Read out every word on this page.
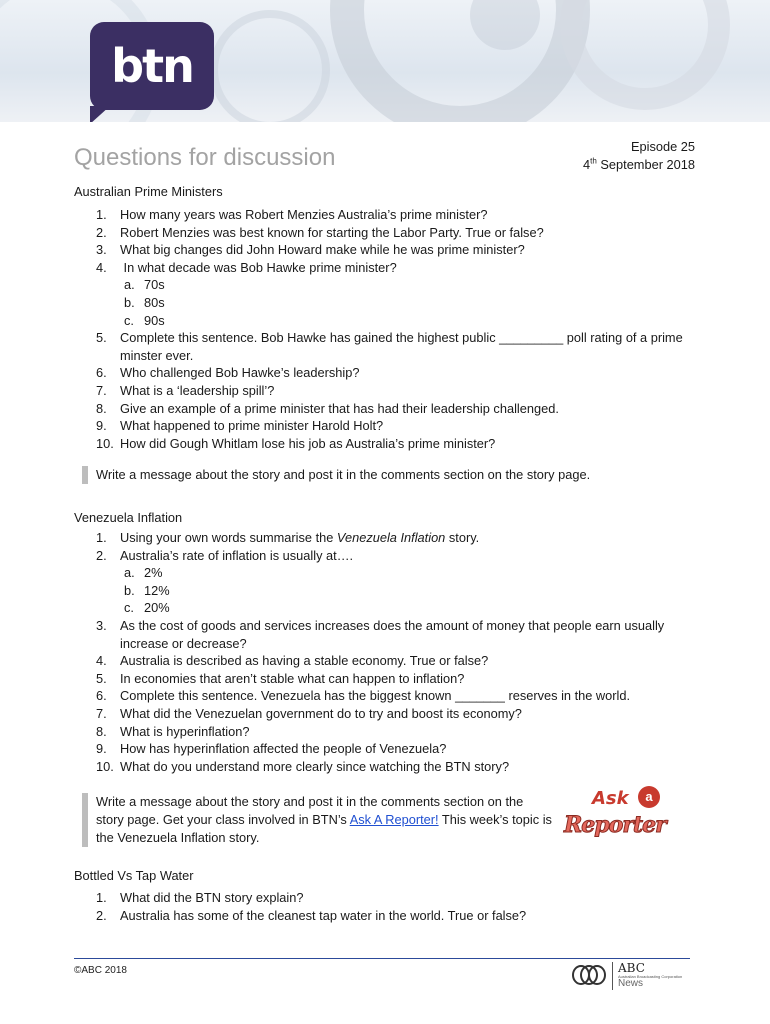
btn
Questions for discussion	Episode 25
4th September 2018
Australian Prime Ministers
1. How many years was Robert Menzies Australia’s prime minister?
2. Robert Menzies was best known for starting the Labor Party. True or false?
3. What big changes did John Howard make while he was prime minister?
4. In what decade was Bob Hawke prime minister?
a. 70s
b. 80s
c. 90s
5. Complete this sentence. Bob Hawke has gained the highest public _________ poll rating of a prime minster ever.
6. Who challenged Bob Hawke’s leadership?
7. What is a ‘leadership spill’?
8. Give an example of a prime minister that has had their leadership challenged.
9. What happened to prime minister Harold Holt?
10. How did Gough Whitlam lose his job as Australia’s prime minister?
Write a message about the story and post it in the comments section on the story page.
Venezuela Inflation
1. Using your own words summarise the Venezuela Inflation story.
2. Australia’s rate of inflation is usually at….
a. 2%
b. 12%
c. 20%
3. As the cost of goods and services increases does the amount of money that people earn usually increase or decrease?
4. Australia is described as having a stable economy. True or false?
5. In economies that aren’t stable what can happen to inflation?
6. Complete this sentence. Venezuela has the biggest known _______ reserves in the world.
7. What did the Venezuelan government do to try and boost its economy?
8. What is hyperinflation?
9. How has hyperinflation affected the people of Venezuela?
10. What do you understand more clearly since watching the BTN story?
Write a message about the story and post it in the comments section on the story page. Get your class involved in BTN’s Ask A Reporter! This week’s topic is the Venezuela Inflation story.
Ask	a
Reporter
Bottled Vs Tap Water
1. What did the BTN story explain?
2. Australia has some of the cleanest tap water in the world. True or false?
©ABC 2018	ABC
Australian Broadcasting Corporation
News
